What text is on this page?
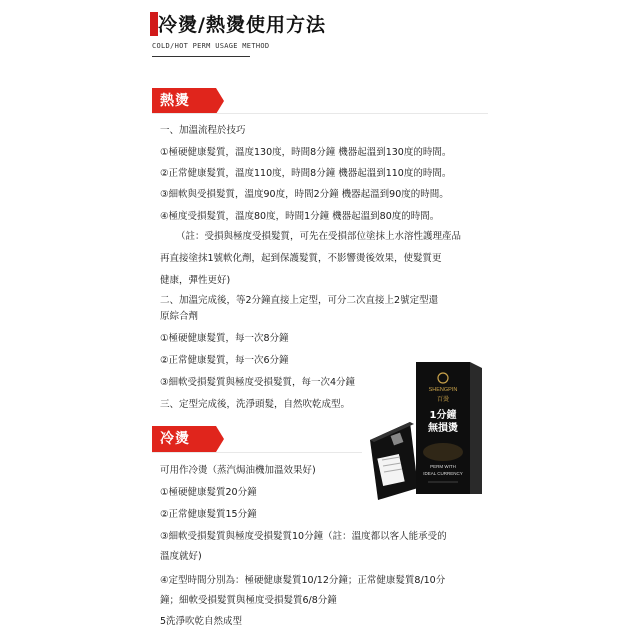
冷燙/熱燙使用方法
COLD/HOT PERM USAGE METHOD
熱燙
一、加溫流程於技巧
①極硬健康髮質，溫度130度，時間8分鐘 機器起溫到130度的時間。
②正常健康髮質，溫度110度，時間8分鐘 機器起溫到110度的時間。
③細軟與受損髮質，溫度90度，時間2分鐘 機器起溫到90度的時間。
④極度受損髮質，溫度80度，時間1分鐘 機器起溫到80度的時間。
（註：受損與極度受損髮質，可先在受損部位塗抹上水溶性護理產品
再直接塗抹1號軟化劑，起到保護髮質，不影響燙後效果，使髮質更
健康，彈性更好)
二、加溫完成後，等2分鐘直接上定型，可分二次直接上2號定型還
原綜合劑
①極硬健康髮質，每一次8分鐘
②正常健康髮質，每一次6分鐘
③細軟受損髮質與極度受損髮質，每一次4分鐘
三、定型完成後，洗淨頭髮，自然吹乾成型。
冷燙
可用作冷燙（蒸汽焗油機加溫效果好)
①極硬健康髮質20分鐘
②正常健康髮質15分鐘
③細軟受損髮質與極度受損髮質10分鐘（註：溫度都以客人能承受的
溫度就好)
④定型時間分別為：極硬健康髮質10/12分鐘；正常健康髮質8/10分
鐘；細軟受損髮質與極度受損髮質6/8分鐘
5洗淨吹乾自然成型
SHENGPIN
百燙
1分鐘
無損燙
PERM WITH
IDEAL CURRENCY
